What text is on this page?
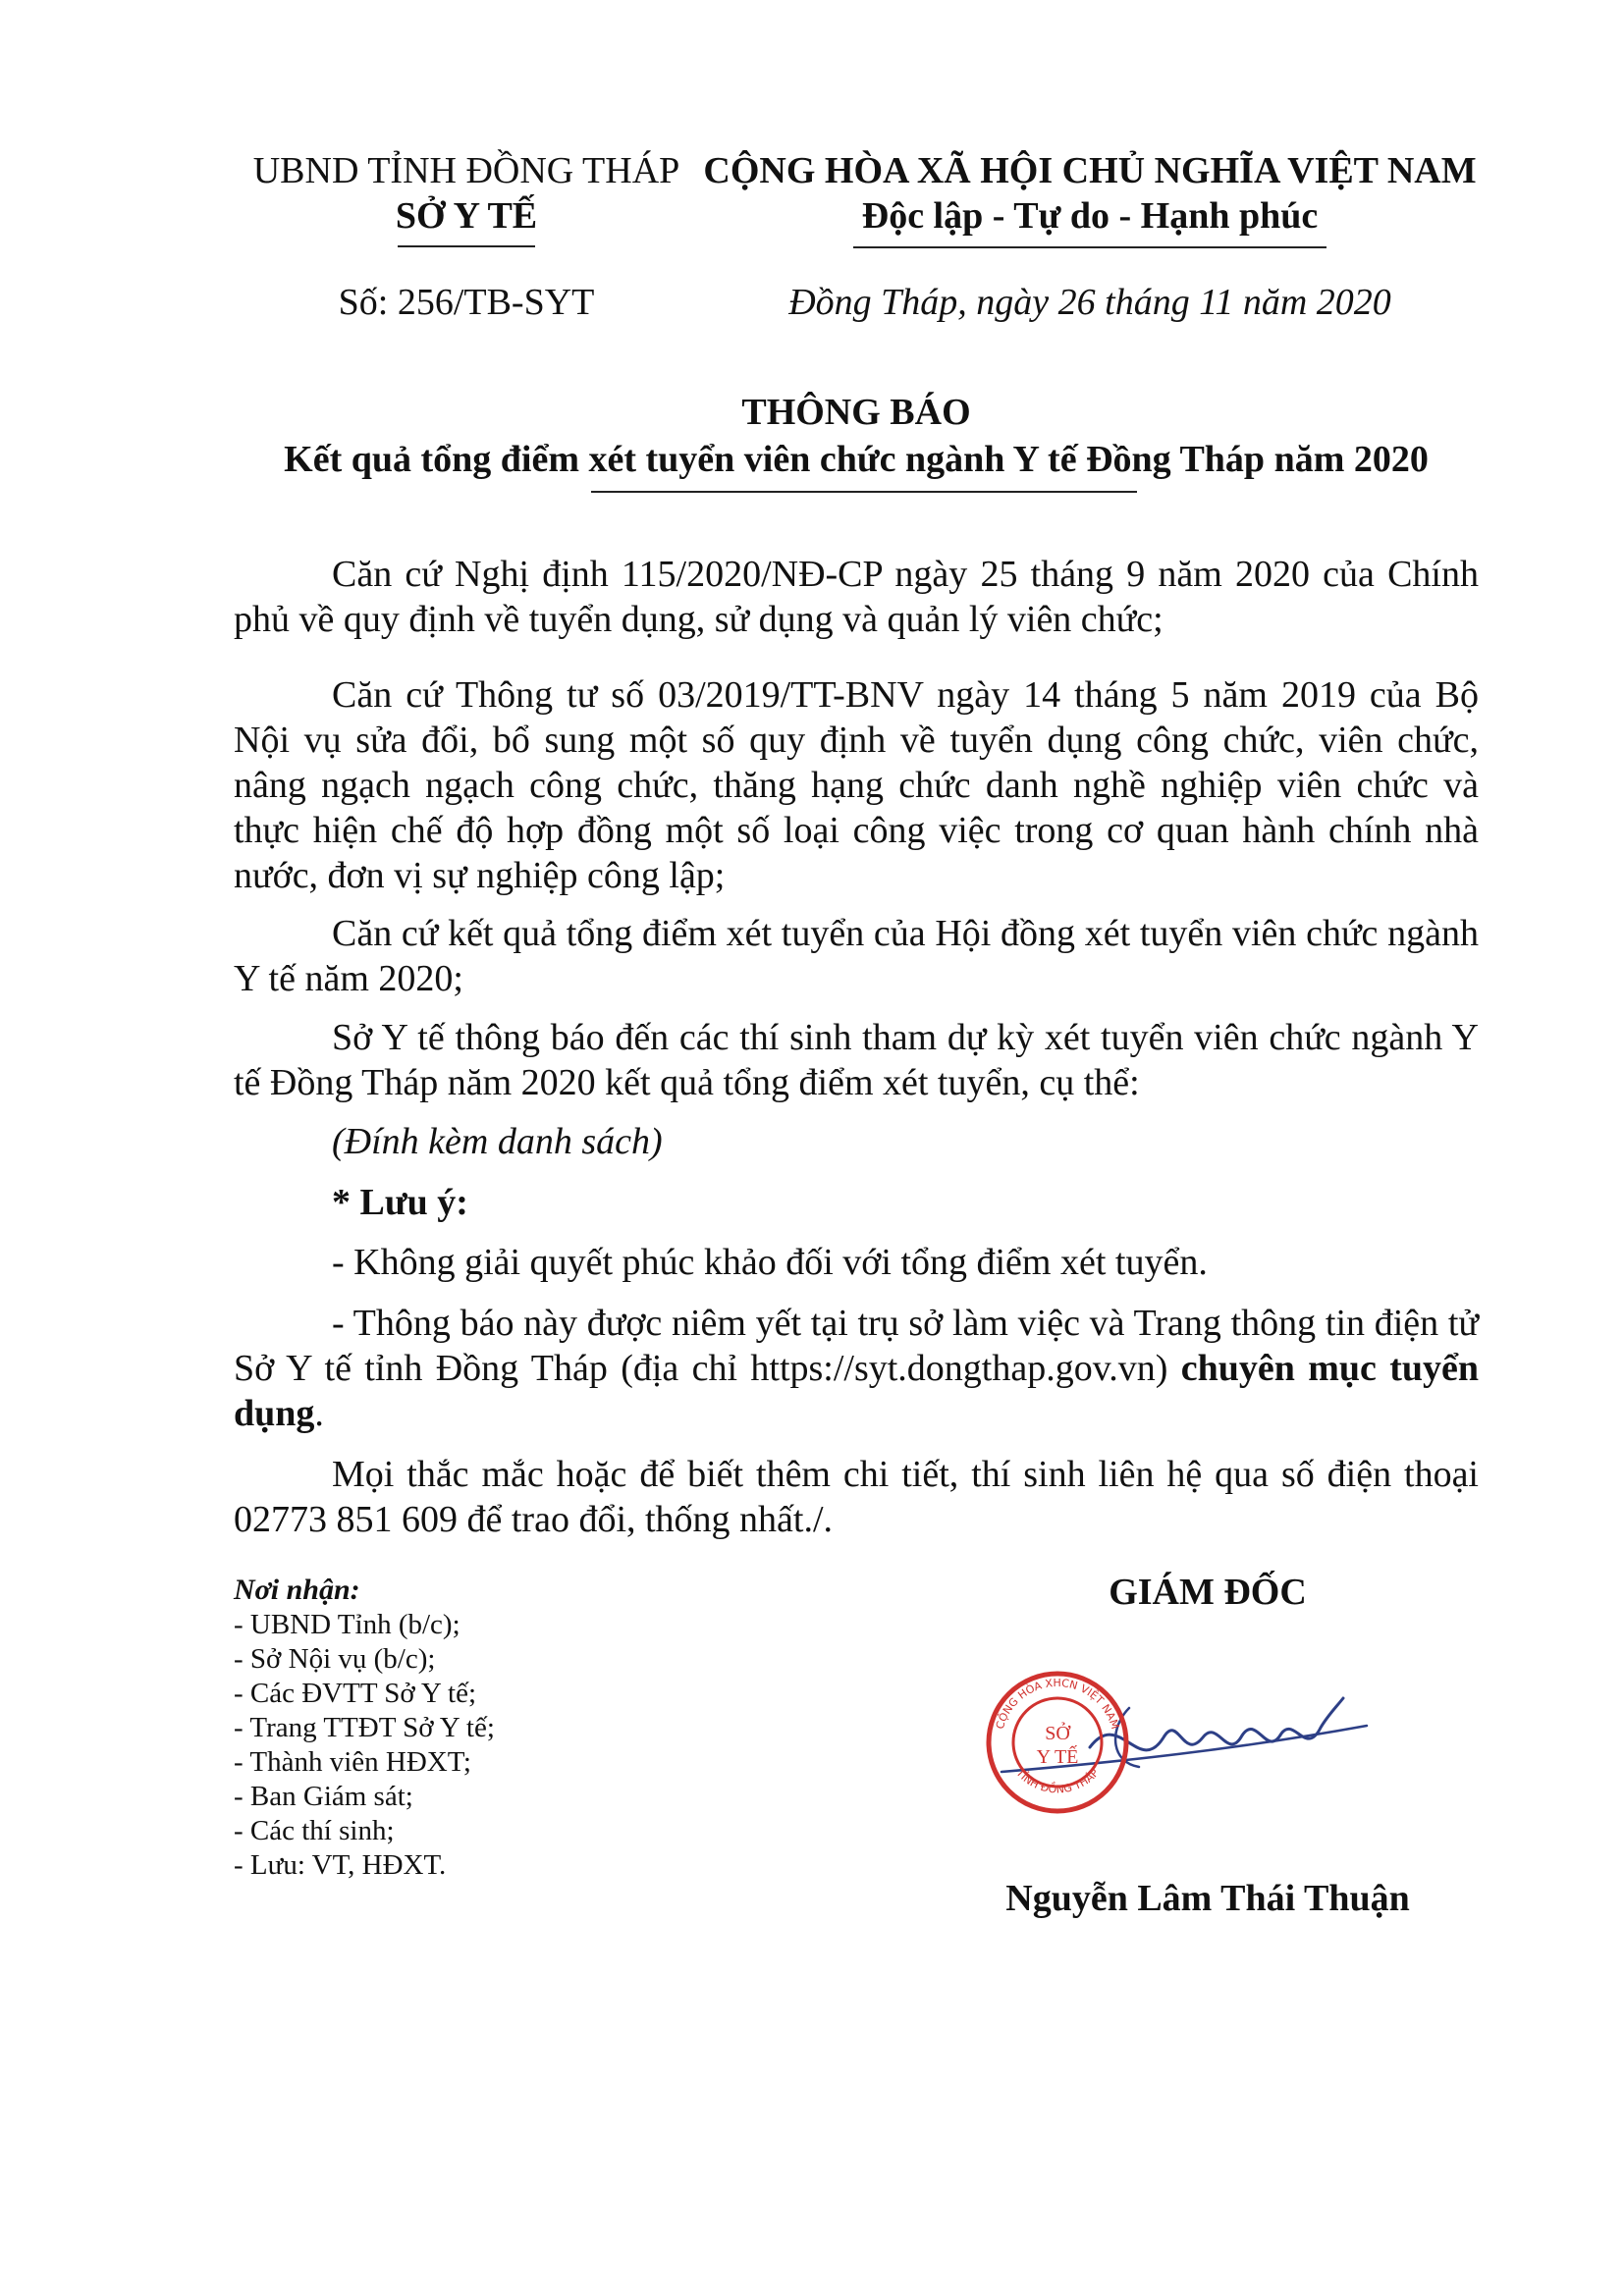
UBND TỈNH ĐỒNG THÁP
SỞ Y TẾ
Số: 256/TB-SYT
CỘNG HÒA XÃ HỘI CHỦ NGHĨA VIỆT NAM
Độc lập - Tự do - Hạnh phúc
Đồng Tháp, ngày 26 tháng 11 năm 2020
THÔNG BÁO
Kết quả tổng điểm xét tuyển viên chức ngành Y tế Đồng Tháp năm 2020

Căn cứ Nghị định 115/2020/NĐ-CP ngày 25 tháng 9 năm 2020 của Chính phủ về quy định về tuyển dụng, sử dụng và quản lý viên chức;

Căn cứ Thông tư số 03/2019/TT-BNV ngày 14 tháng 5 năm 2019 của Bộ Nội vụ sửa đổi, bổ sung một số quy định về tuyển dụng công chức, viên chức, nâng ngạch ngạch công chức, thăng hạng chức danh nghề nghiệp viên chức và thực hiện chế độ hợp đồng một số loại công việc trong cơ quan hành chính nhà nước, đơn vị sự nghiệp công lập;

Căn cứ kết quả tổng điểm xét tuyển của Hội đồng xét tuyển viên chức ngành Y tế năm 2020;

Sở Y tế thông báo đến các thí sinh tham dự kỳ xét tuyển viên chức ngành Y tế Đồng Tháp năm 2020 kết quả tổng điểm xét tuyển, cụ thể:

(Đính kèm danh sách)
* Lưu ý:
- Không giải quyết phúc khảo đối với tổng điểm xét tuyển.

- Thông báo này được niêm yết tại trụ sở làm việc và Trang thông tin điện tử Sở Y tế tỉnh Đồng Tháp (địa chỉ https://syt.dongthap.gov.vn) chuyên mục tuyển dụng.

Mọi thắc mắc hoặc để biết thêm chi tiết, thí sinh liên hệ qua số điện thoại 02773 851 609 để trao đổi, thống nhất./.

Nơi nhận:
- UBND Tỉnh (b/c);
- Sở Nội vụ (b/c);
- Các ĐVTT Sở Y tế;
- Trang TTĐT Sở Y tế;
- Thành viên HĐXT;
- Ban Giám sát;
- Các thí sinh;
- Lưu: VT, HĐXT.
GIÁM ĐỐC
CỘNG HÒA XHCN VIỆT NAM
TỈNH ĐỒNG THÁP
SỞ
Y TẾ
Nguyễn Lâm Thái Thuận
